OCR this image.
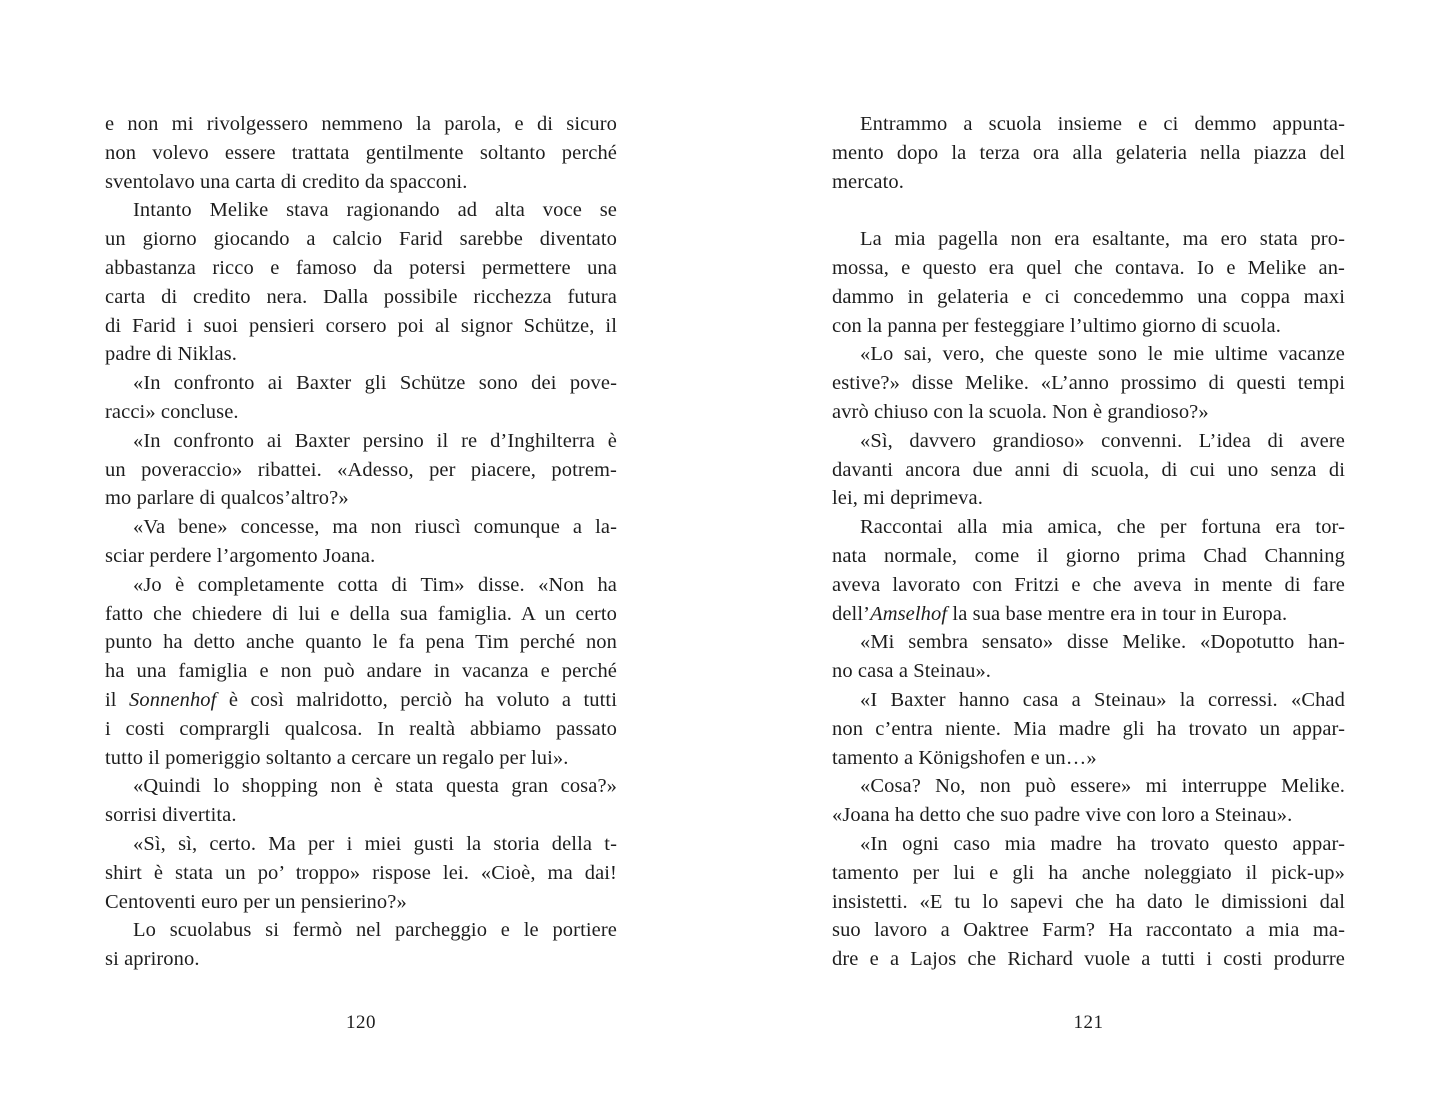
e non mi rivolgessero nemmeno la parola, e di sicuro
non volevo essere trattata gentilmente soltanto perché
sventolavo una carta di credito da spacconi.
Intanto Melike stava ragionando ad alta voce se
un giorno giocando a calcio Farid sarebbe diventato
abbastanza ricco e famoso da potersi permettere una
carta di credito nera. Dalla possibile ricchezza futura
di Farid i suoi pensieri corsero poi al signor Schütze, il
padre di Niklas.
«In confronto ai Baxter gli Schütze sono dei pove-
racci» concluse.
«In confronto ai Baxter persino il re d’Inghilterra è
un poveraccio» ribattei. «Adesso, per piacere, potrem-
mo parlare di qualcos’altro?»
«Va bene» concesse, ma non riuscì comunque a la-
sciar perdere l’argomento Joana.
«Jo è completamente cotta di Tim» disse. «Non ha
fatto che chiedere di lui e della sua famiglia. A un certo
punto ha detto anche quanto le fa pena Tim perché non
ha una famiglia e non può andare in vacanza e perché
il Sonnenhof è così malridotto, perciò ha voluto a tutti
i costi comprargli qualcosa. In realtà abbiamo passato
tutto il pomeriggio soltanto a cercare un regalo per lui».
«Quindi lo shopping non è stata questa gran cosa?»
sorrisi divertita.
«Sì, sì, certo. Ma per i miei gusti la storia della t-
shirt è stata un po’ troppo» rispose lei. «Cioè, ma dai!
Centoventi euro per un pensierino?»
Lo scuolabus si fermò nel parcheggio e le portiere
si aprirono.
120
Entrammo a scuola insieme e ci demmo appunta-
mento dopo la terza ora alla gelateria nella piazza del
mercato.
La mia pagella non era esaltante, ma ero stata pro-
mossa, e questo era quel che contava. Io e Melike an-
dammo in gelateria e ci concedemmo una coppa maxi
con la panna per festeggiare l’ultimo giorno di scuola.
«Lo sai, vero, che queste sono le mie ultime vacanze
estive?» disse Melike. «L’anno prossimo di questi tempi
avrò chiuso con la scuola. Non è grandioso?»
«Sì, davvero grandioso» convenni. L’idea di avere
davanti ancora due anni di scuola, di cui uno senza di
lei, mi deprimeva.
Raccontai alla mia amica, che per fortuna era tor-
nata normale, come il giorno prima Chad Channing
aveva lavorato con Fritzi e che aveva in mente di fare
dell’Amselhof la sua base mentre era in tour in Europa.
«Mi sembra sensato» disse Melike. «Dopotutto han-
no casa a Steinau».
«I Baxter hanno casa a Steinau» la corressi. «Chad
non c’entra niente. Mia madre gli ha trovato un appar-
tamento a Königshofen e un…»
«Cosa? No, non può essere» mi interruppe Melike.
«Joana ha detto che suo padre vive con loro a Steinau».
«In ogni caso mia madre ha trovato questo appar-
tamento per lui e gli ha anche noleggiato il pick-up»
insistetti. «E tu lo sapevi che ha dato le dimissioni dal
suo lavoro a Oaktree Farm? Ha raccontato a mia ma-
dre e a Lajos che Richard vuole a tutti i costi produrre
121
